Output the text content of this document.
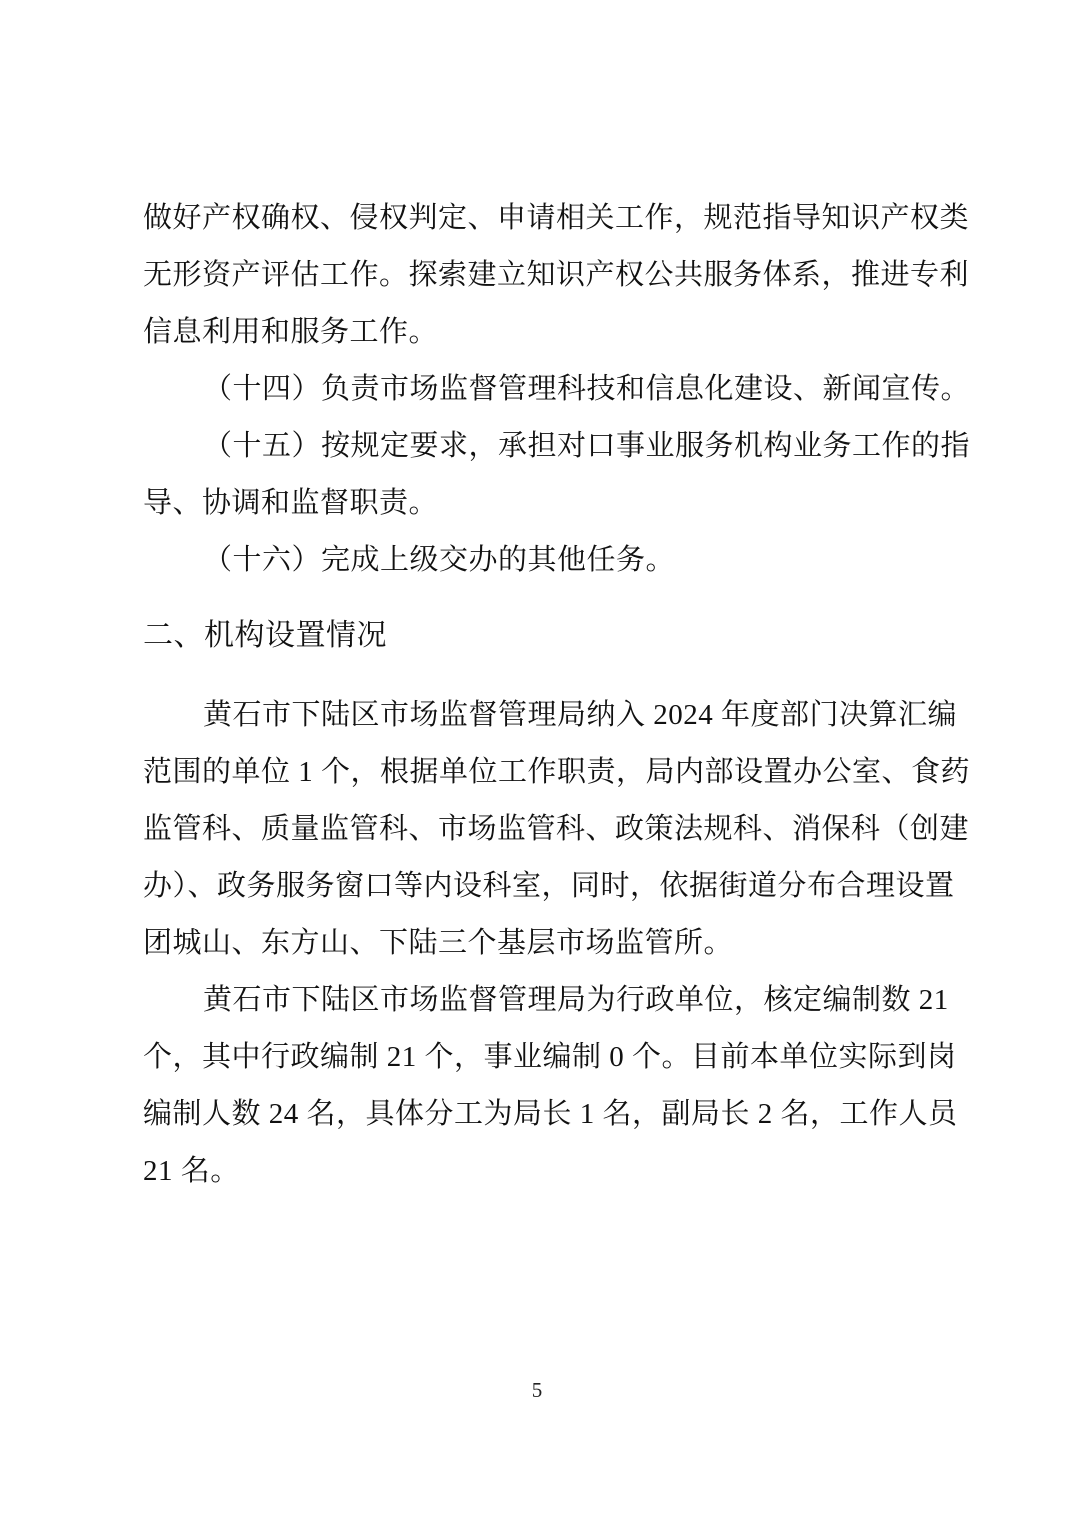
做好产权确权、侵权判定、申请相关工作，规范指导知识产权类
无形资产评估工作。探索建立知识产权公共服务体系，推进专利
信息利用和服务工作。
（十四）负责市场监督管理科技和信息化建设、新闻宣传。
（十五）按规定要求，承担对口事业服务机构业务工作的指
导、协调和监督职责。
（十六）完成上级交办的其他任务。
二、机构设置情况
黄石市下陆区市场监督管理局纳入 2024 年度部门决算汇编
范围的单位 1 个，根据单位工作职责，局内部设置办公室、食药
监管科、质量监管科、市场监管科、政策法规科、消保科（创建
办）、政务服务窗口等内设科室，同时，依据街道分布合理设置
团城山、东方山、下陆三个基层市场监管所。
黄石市下陆区市场监督管理局为行政单位，核定编制数 21
个，其中行政编制 21 个，事业编制 0 个。目前本单位实际到岗
编制人数 24 名，具体分工为局长 1 名，副局长 2 名，工作人员
21 名。
5
